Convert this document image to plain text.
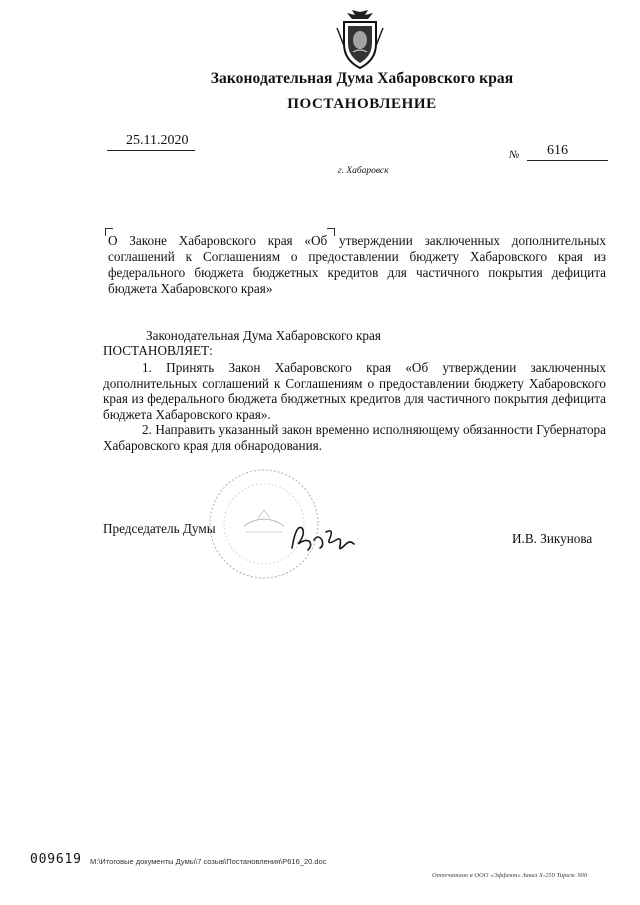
Законодательная Дума Хабаровского края
ПОСТАНОВЛЕНИЕ
25.11.2020
г. Хабаровск
№ 616
О Законе Хабаровского края «Об утверждении заключенных дополнительных соглашений к Соглашениям о предоставлении бюджету Хабаровского края из федерального бюджета бюджетных кредитов для частичного покрытия дефицита бюджета Хабаровского края»
Законодательная Дума Хабаровского края
ПОСТАНОВЛЯЕТ:

1. Принять Закон Хабаровского края «Об утверждении заключенных дополнительных соглашений к Соглашениям о предоставлении бюджету Хабаровского края из федерального бюджета бюджетных кредитов для частичного покрытия дефицита бюджета Хабаровского края».

2. Направить указанный закон временно исполняющему обязанности Губернатора Хабаровского края для обнародования.

Председатель Думы
И.В. Зикунова
009619 M:\Итоговые документы Думы\7 созыв\Постановления\P616_20.doc
Отпечатано в ООО «Эффект» Заказ Х-259 Тираж 900
